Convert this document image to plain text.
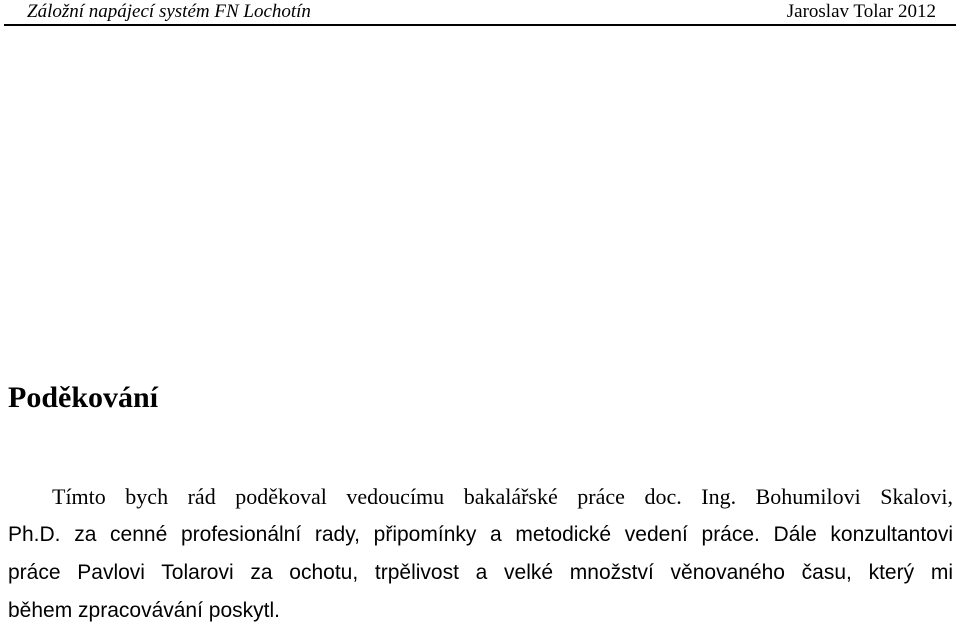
Záložní napájecí systém FN Lochotín	Jaroslav Tolar 2012
Poděkování
Tímto bych rád poděkoval vedoucímu bakalářské práce doc. Ing. Bohumilovi Skalovi,
Ph.D. za cenné profesionální rady, připomínky a metodické vedení práce. Dále konzultantovi
práce Pavlovi Tolarovi za ochotu, trpělivost a velké množství věnovaného času, který mi
během zpracovávání poskytl.
